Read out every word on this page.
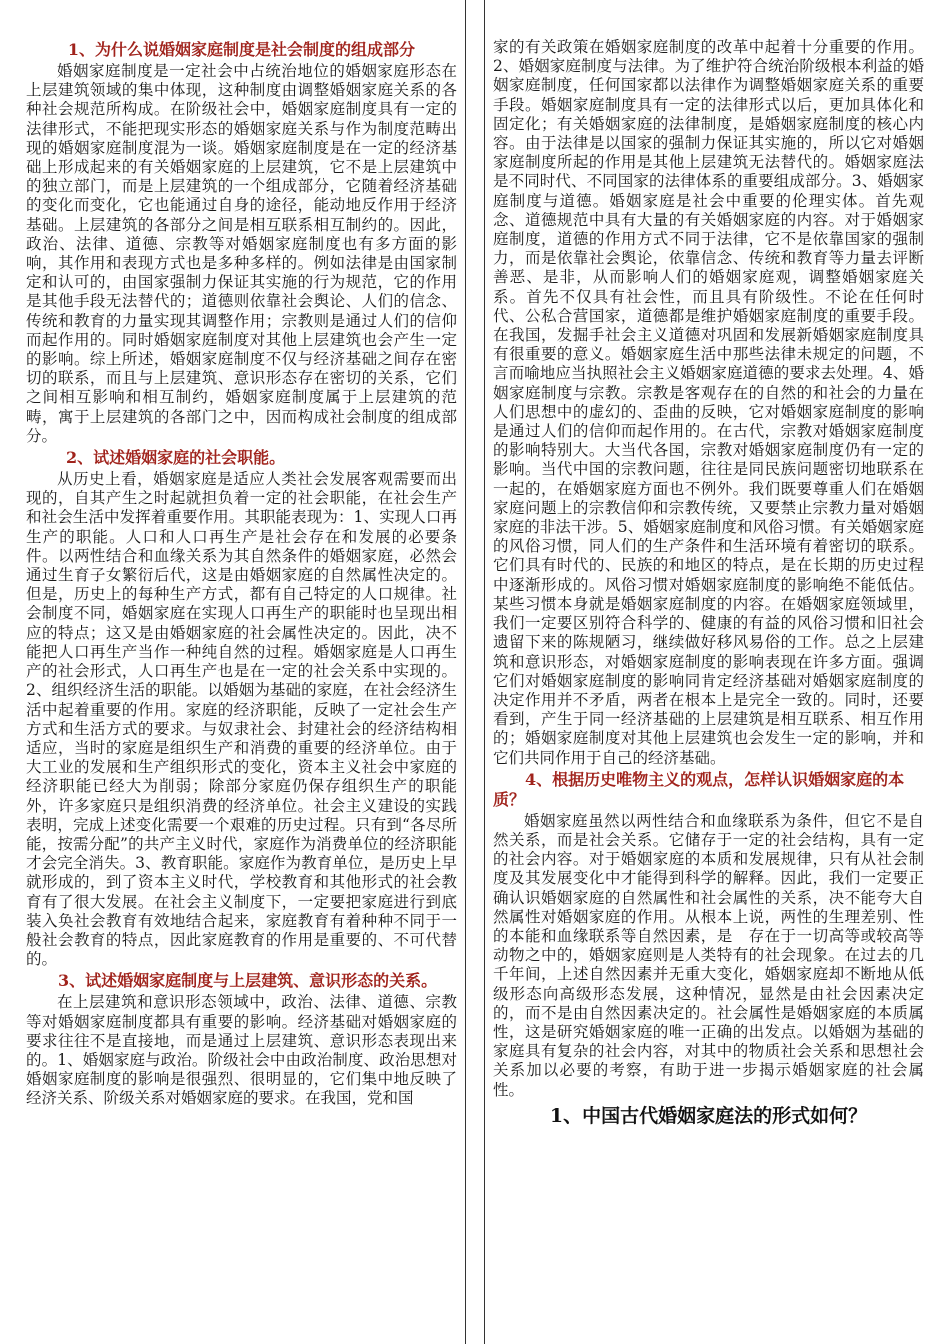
1、为什么说婚姻家庭制度是社会制度的组成部分
婚姻家庭制度是一定社会中占统治地位的婚姻家庭形态在上层建筑领域的集中体现，这种制度由调整婚姻家庭关系的各种社会规范所构成。在阶级社会中，婚姻家庭制度具有一定的法律形式，不能把现实形态的婚姻家庭关系与作为制度范畴出现的婚姻家庭制度混为一谈。婚姻家庭制度是在一定的经济基础上形成起来的有关婚姻家庭的上层建筑，它不是上层建筑中的独立部门，而是上层建筑的一个组成部分，它随着经济基础的变化而变化，它也能通过自身的途径，能动地反作用于经济基础。上层建筑的各部分之间是相互联系相互制约的。因此，政治、法律、道德、宗教等对婚姻家庭制度也有多方面的影响，其作用和表现方式也是多种多样的。例如法律是由国家制定和认可的，由国家强制力保证其实施的行为规范，它的作用是其他手段无法替代的；道德则依靠社会舆论、人们的信念、传统和教育的力量实现其调整作用；宗教则是通过人们的信仰而起作用的。同时婚姻家庭制度对其他上层建筑也会产生一定的影响。综上所述，婚姻家庭制度不仅与经济基础之间存在密切的联系，而且与上层建筑、意识形态存在密切的关系，它们之间相互影响和相互制约，婚姻家庭制度属于上层建筑的范畴，寓于上层建筑的各部门之中，因而构成社会制度的组成部分。
2、试述婚姻家庭的社会职能。
从历史上看，婚姻家庭是适应人类社会发展客观需要而出现的，自其产生之时起就担负着一定的社会职能，在社会生产和社会生活中发挥着重要作用。其职能表现为：1、实现人口再生产的职能。人口和人口再生产是社会存在和发展的必要条件。以两性结合和血缘关系为其自然条件的婚姻家庭，必然会通过生育子女繁衍后代，这是由婚姻家庭的自然属性决定的。但是，历史上的每种生产方式，都有自己特定的人口规律。社会制度不同，婚姻家庭在实现人口再生产的职能时也呈现出相应的特点；这又是由婚姻家庭的社会属性决定的。因此，决不能把人口再生产当作一种纯自然的过程。婚姻家庭是人口再生产的社会形式，人口再生产也是在一定的社会关系中实现的。2、组织经济生活的职能。以婚姻为基础的家庭，在社会经济生活中起着重要的作用。家庭的经济职能，反映了一定社会生产方式和生活方式的要求。与奴隶社会、封建社会的经济结构相适应，当时的家庭是组织生产和消费的重要的经济单位。由于大工业的发展和生产组织形式的变化，资本主义社会中家庭的经济职能已经大为削弱；除部分家庭仍保存组织生产的职能外，许多家庭只是组织消费的经济单位。社会主义建设的实践表明，完成上述变化需要一个艰难的历史过程。只有到“各尽所能，按需分配”的共产主义时代，家庭作为消费单位的经济职能才会完全消失。3、教育职能。家庭作为教育单位，是历史上早就形成的，到了资本主义时代，学校教育和其他形式的社会教育有了很大发展。在社会主义制度下，一定要把家庭进行到底装入奂社会教育有效地结合起来，家庭教育有着种种不同于一般社会教育的特点，因此家庭教育的作用是重要的、不可代替的。
3、试述婚姻家庭制度与上层建筑、意识形态的关系。
在上层建筑和意识形态领域中，政治、法律、道德、宗教等对婚姻家庭制度都具有重要的影响。经济基础对婚姻家庭的要求往往不是直接地，而是通过上层建筑、意识形态表现出来的。1、婚姻家庭与政治。阶级社会中由政治制度、政治思想对婚姻家庭制度的影响是很强烈、很明显的，它们集中地反映了经济关系、阶级关系对婚姻家庭的要求。在我国，党和国
家的有关政策在婚姻家庭制度的改革中起着十分重要的作用。2、婚姻家庭制度与法律。为了维护符合统治阶级根本利益的婚姻家庭制度，任何国家都以法律作为调整婚姻家庭关系的重要手段。婚姻家庭制度具有一定的法律形式以后，更加具体化和固定化；有关婚姻家庭的法律制度，是婚姻家庭制度的核心内容。由于法律是以国家的强制力保证其实施的，所以它对婚姻家庭制度所起的作用是其他上层建筑无法替代的。婚姻家庭法是不同时代、不同国家的法律体系的重要组成部分。3、婚姻家庭制度与道德。婚姻家庭是社会中重要的伦理实体。首先观念、道德规范中具有大量的有关婚姻家庭的内容。对于婚姻家庭制度，道德的作用方式不同于法律，它不是依靠国家的强制力，而是依靠社会舆论，依靠信念、传统和教育等力量去评断善恶、是非，从而影响人们的婚姻家庭观，调整婚姻家庭关系。首先不仅具有社会性，而且具有阶级性。不论在任何时代、公私合营国家，道德都是维护婚姻家庭制度的重要手段。在我国，发掘手社会主义道德对巩固和发展新婚姻家庭制度具有很重要的意义。婚姻家庭生活中那些法律未规定的问题，不言而喻地应当执照社会主义婚姻家庭道德的要求去处理。4、婚姻家庭制度与宗教。宗教是客观存在的自然的和社会的力量在人们思想中的虚幻的、歪曲的反映，它对婚姻家庭制度的影响是通过人们的信仰而起作用的。在古代，宗教对婚姻家庭制度的影响特别大。大当代各国，宗教对婚姻家庭制度仍有一定的影响。当代中国的宗教问题，往往是同民族问题密切地联系在一起的，在婚姻家庭方面也不例外。我们既要尊重人们在婚姻家庭问题上的宗教信仰和宗教传统，又要禁止宗教力量对婚姻家庭的非法干涉。5、婚姻家庭制度和风俗习惯。有关婚姻家庭的风俗习惯，同人们的生产条件和生活环境有着密切的联系。它们具有时代的、民族的和地区的特点，是在长期的历史过程中逐渐形成的。风俗习惯对婚姻家庭制度的影响绝不能低估。某些习惯本身就是婚姻家庭制度的内容。在婚姻家庭领域里，我们一定要区别符合科学的、健康的有益的风俗习惯和旧社会遗留下来的陈规陋习，继续做好移风易俗的工作。总之上层建筑和意识形态，对婚姻家庭制度的影响表现在许多方面。强调它们对婚姻家庭制度的影响同肯定经济基础对婚姻家庭制度的决定作用并不矛盾，两者在根本上是完全一致的。同时，还要看到，产生于同一经济基础的上层建筑是相互联系、相互作用的；婚姻家庭制度对其他上层建筑也会发生一定的影响，并和它们共同作用于自己的经济基础。
4、根据历史唯物主义的观点，怎样认识婚姻家庭的本质？
婚姻家庭虽然以两性结合和血缘联系为条件，但它不是自然关系，而是社会关系。它储存于一定的社会结构，具有一定的社会内容。对于婚姻家庭的本质和发展规律，只有从社会制度及其发展变化中才能得到科学的解释。因此，我们一定要正确认识婚姻家庭的自然属性和社会属性的关系，决不能夸大自然属性对婚姻家庭的作用。从根本上说，两性的生理差别、性的本能和血缘联系等自然因素，是　存在于一切高等或较高等动物之中的，婚姻家庭则是人类特有的社会现象。在过去的几千年间，上述自然因素并无重大变化，婚姻家庭却不断地从低级形态向高级形态发展，这种情况，显然是由社会因素决定的，而不是由自然因素决定的。社会属性是婚姻家庭的本质属性，这是研究婚姻家庭的唯一正确的出发点。以婚姻为基础的家庭具有复杂的社会内容，对其中的物质社会关系和思想社会关系加以必要的考察，有助于进一步揭示婚姻家庭的社会属性。
1、中国古代婚姻家庭法的形式如何？
